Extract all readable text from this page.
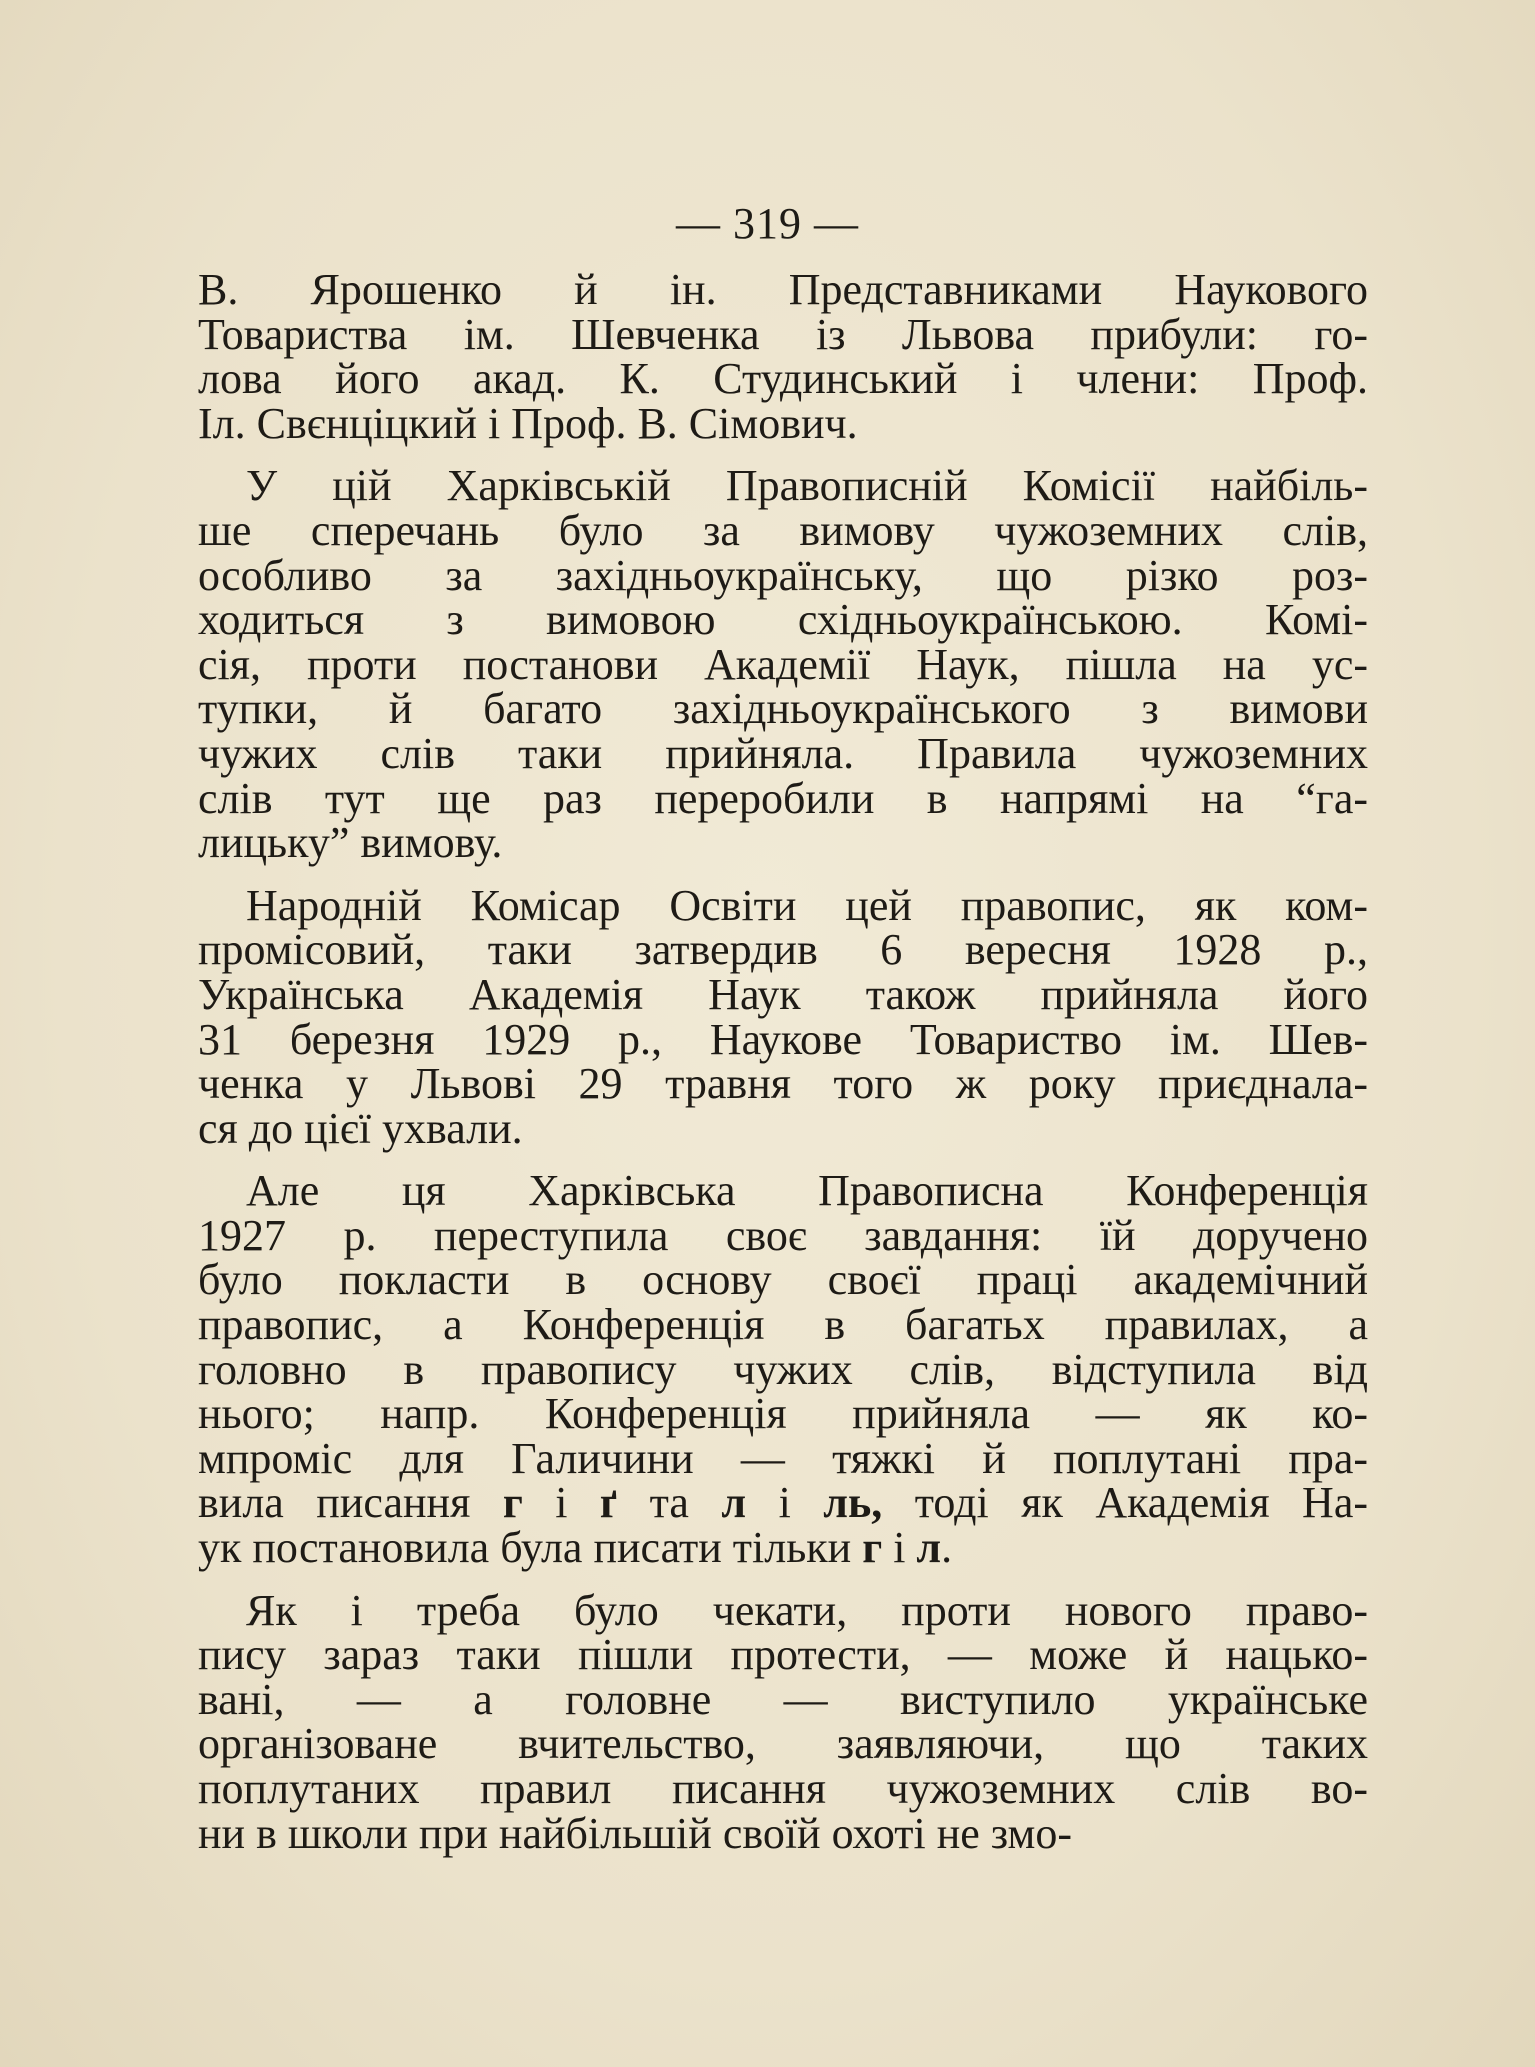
— 319 —
В. Ярошенко й ін. Представниками Наукового
Товариства ім. Шевченка із Львова прибули: го-
лова його акад. К. Студинський і члени: Проф.
Іл. Свєнціцкий і Проф. В. Сімович.
У цій Харківській Правописній Комісії найбіль-
ше сперечань було за вимову чужоземних слів,
особливо за західньоукраїнську, що різко роз-
ходиться з вимовою східньоукраїнською. Комі-
сія, проти постанови Академії Наук, пішла на ус-
тупки, й багато західньоукраїнського з вимови
чужих слів таки прийняла. Правила чужоземних
слів тут ще раз переробили в напрямі на “га-
лицьку” вимову.
Народній Комісар Освіти цей правопис, як ком-
промісовий, таки затвердив 6 вересня 1928 р.,
Українська Академія Наук також прийняла його
31 березня 1929 р., Наукове Товариство ім. Шев-
ченка у Львові 29 травня того ж року приєднала-
ся до цієї ухвали.
Але ця Харківська Правописна Конференція
1927 р. переступила своє завдання: їй доручено
було покласти в основу своєї праці академічний
правопис, а Конференція в багатьх правилах, а
головно в правопису чужих слів, відступила від
нього; напр. Конференція прийняла — як ко-
мпроміс для Галичини — тяжкі й поплутані пра-
вила писання г і ґ та л і ль, тоді як Академія На-
ук постановила була писати тільки г і л.
Як і треба було чекати, проти нового право-
пису зараз таки пішли протести, — може й нацько-
вані, — а головне — виступило українське
організоване вчительство, заявляючи, що таких
поплутаних правил писання чужоземних слів во-
ни в школи при найбільшій своїй охоті не змо-
